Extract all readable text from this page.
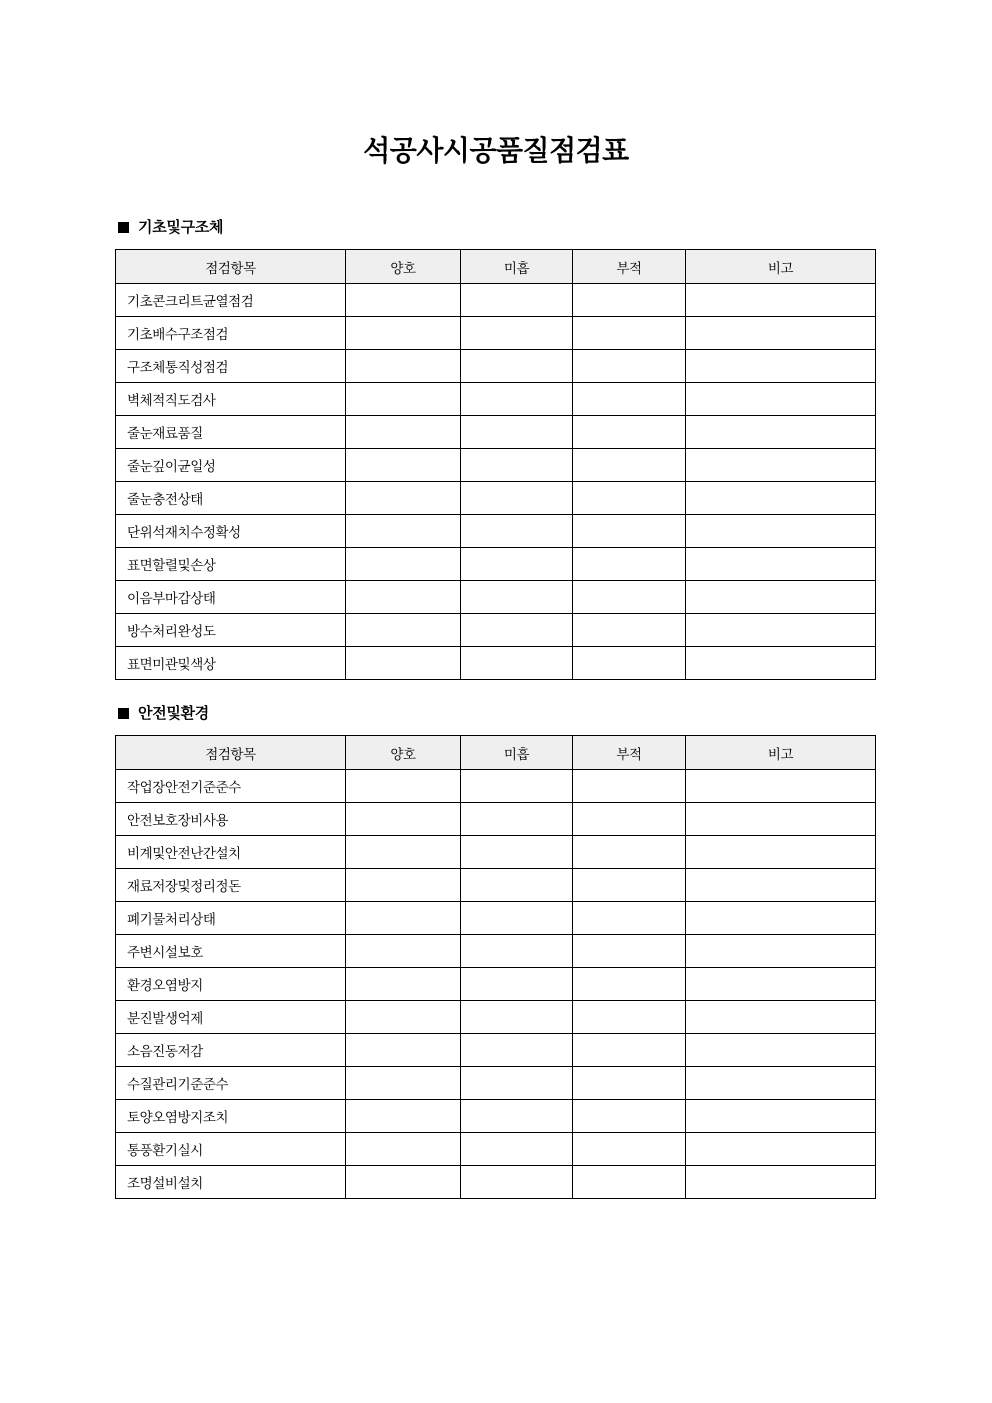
석공사시공품질점검표
기초및구조체
점검항목	양호	미흡	부적	비고
기초콘크리트균열점검				
기초배수구조점검				
구조체통직성점검				
벽체적직도검사				
줄눈재료품질				
줄눈깊이균일성				
줄눈충전상태				
단위석재치수정확성				
표면할렬및손상				
이음부마감상태				
방수처리완성도				
표면미관및색상				
안전및환경
점검항목	양호	미흡	부적	비고
작업장안전기준준수				
안전보호장비사용				
비계및안전난간설치				
재료저장및정리정돈				
폐기물처리상태				
주변시설보호				
환경오염방지				
분진발생억제				
소음진동저감				
수질관리기준준수				
토양오염방지조치				
통풍환기실시				
조명설비설치				
